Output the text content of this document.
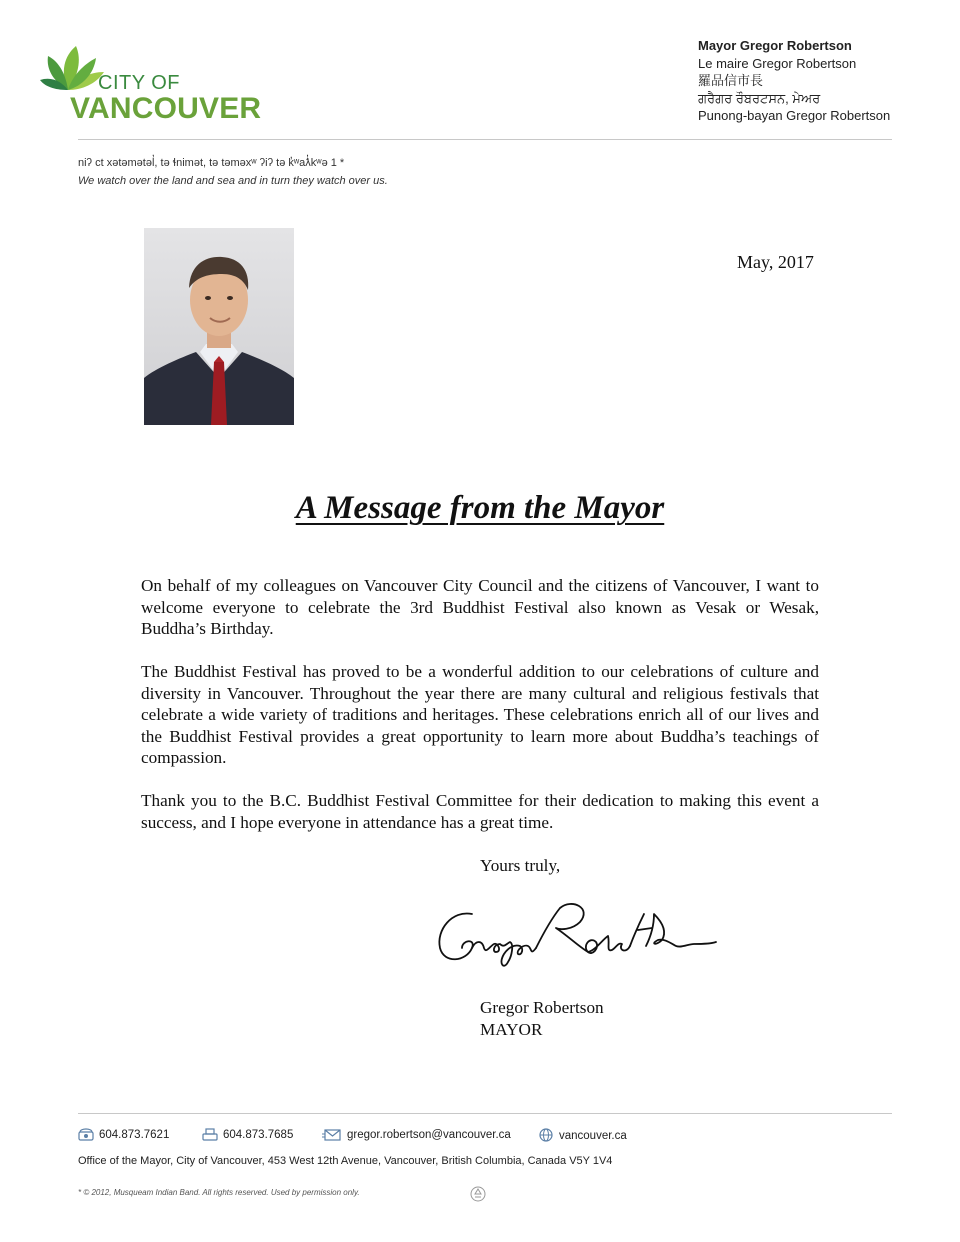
CITY OF
VANCOUVER
Mayor Gregor Robertson
Le maire Gregor Robertson
羅品信市長
ਗਰੈਗਰ ਰੌਬਰਟਸਨ, ਮੇਅਰ
Punong-bayan Gregor Robertson
niʔ ct xətəmətəl̓, tə ɬnimət, tə təməxʷ ʔiʔ tə k̓ʷaƛ̓kʷə 1 *
We watch over the land and sea and in turn they watch over us.
May, 2017
A Message from the Mayor
On behalf of my colleagues on Vancouver City Council and the citizens of Vancouver, I want to welcome everyone to celebrate the 3rd Buddhist Festival also known as Vesak or Wesak, Buddha’s Birthday.
The Buddhist Festival has proved to be a wonderful addition to our celebrations of culture and diversity in Vancouver. Throughout the year there are many cultural and religious festivals that celebrate a wide variety of traditions and heritages. These celebrations enrich all of our lives and the Buddhist Festival provides a great opportunity to learn more about Buddha’s teachings of compassion.
Thank you to the B.C. Buddhist Festival Committee for their dedication to making this event a success, and I hope everyone in attendance has a great time.
Yours truly,
Gregor Robertson
MAYOR
604.873.7621	604.873.7685	gregor.robertson@vancouver.ca	vancouver.ca
Office of the Mayor, City of Vancouver, 453 West 12th Avenue, Vancouver, British Columbia, Canada V5Y 1V4
* © 2012, Musqueam Indian Band. All rights reserved. Used by permission only.
